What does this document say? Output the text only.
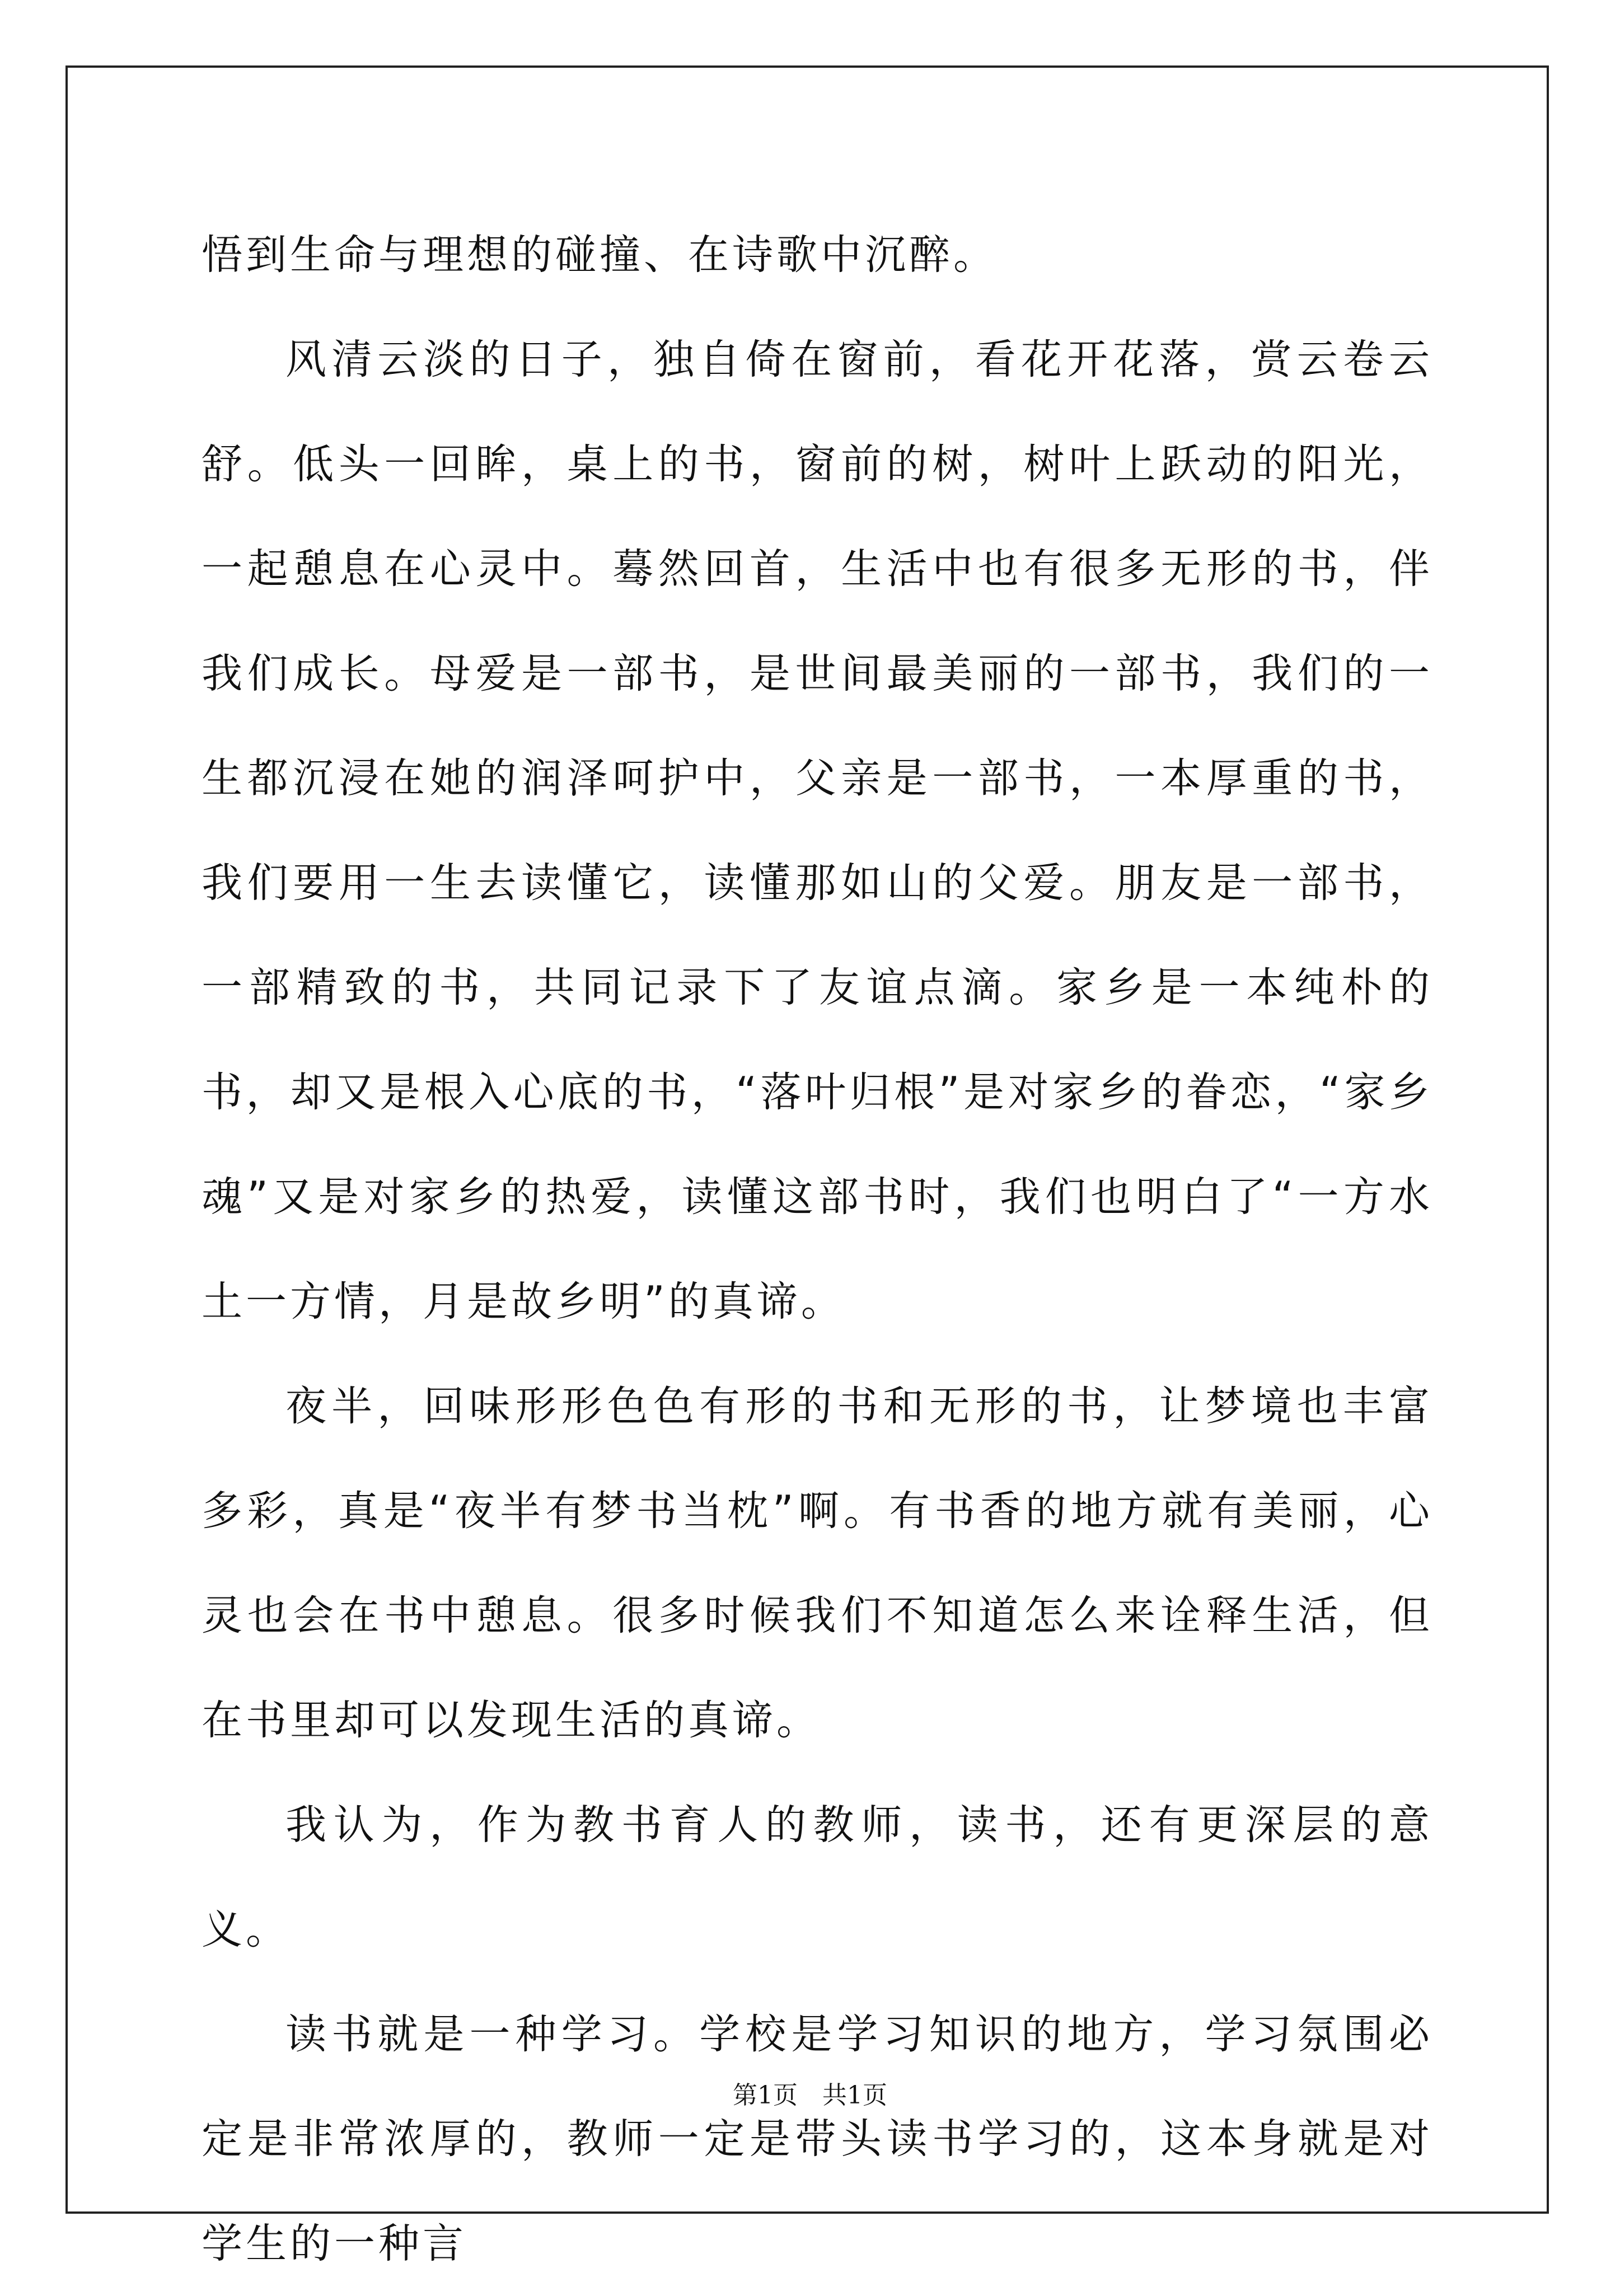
悟到生命与理想的碰撞、在诗歌中沉醉。

风清云淡的日子，独自倚在窗前，看花开花落，赏云卷云舒。低头一回眸，桌上的书，窗前的树，树叶上跃动的阳光，一起憩息在心灵中。蓦然回首，生活中也有很多无形的书，伴我们成长。母爱是一部书，是世间最美丽的一部书，我们的一生都沉浸在她的润泽呵护中，父亲是一部书，一本厚重的书，我们要用一生去读懂它，读懂那如山的父爱。朋友是一部书，一部精致的书，共同记录下了友谊点滴。家乡是一本纯朴的书，却又是根入心底的书，“落叶归根”是对家乡的眷恋，“家乡魂”又是对家乡的热爱，读懂这部书时，我们也明白了“一方水土一方情，月是故乡明”的真谛。

夜半，回味形形色色有形的书和无形的书，让梦境也丰富多彩，真是“夜半有梦书当枕”啊。有书香的地方就有美丽，心灵也会在书中憩息。很多时候我们不知道怎么来诠释生活，但在书里却可以发现生活的真谛。

我认为，作为教书育人的教师，读书，还有更深层的意义。

读书就是一种学习。学校是学习知识的地方，学习氛围必定是非常浓厚的，教师一定是带头读书学习的，这本身就是对学生的一种言

第1页　共1页
